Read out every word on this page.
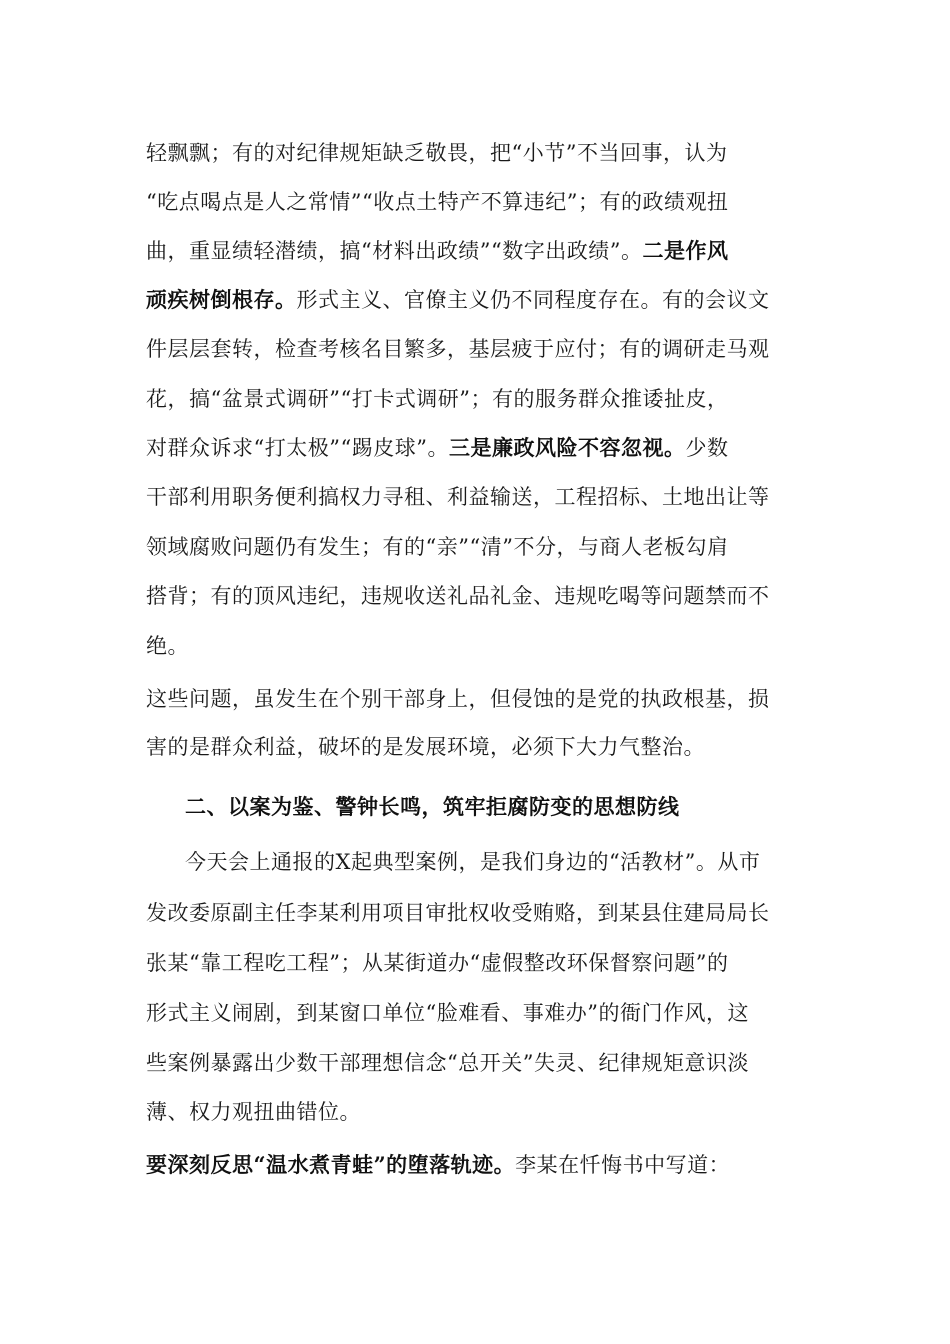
轻飘飘；有的对纪律规矩缺乏敬畏，把“小节”不当回事，认为
“吃点喝点是人之常情”“收点土特产不算违纪”；有的政绩观扭
曲，重显绩轻潜绩，搞“材料出政绩”“数字出政绩”。二是作风
顽疾树倒根存。形式主义、官僚主义仍不同程度存在。有的会议文
件层层套转，检查考核名目繁多，基层疲于应付；有的调研走马观
花，搞“盆景式调研”“打卡式调研”；有的服务群众推诿扯皮，
对群众诉求“打太极”“踢皮球”。三是廉政风险不容忽视。少数
干部利用职务便利搞权力寻租、利益输送，工程招标、土地出让等
领域腐败问题仍有发生；有的“亲”“清”不分，与商人老板勾肩
搭背；有的顶风违纪，违规收送礼品礼金、违规吃喝等问题禁而不
绝。
这些问题，虽发生在个别干部身上，但侵蚀的是党的执政根基，损
害的是群众利益，破坏的是发展环境，必须下大力气整治。
二、以案为鉴、警钟长鸣，筑牢拒腐防变的思想防线
今天会上通报的X起典型案例，是我们身边的“活教材”。从市
发改委原副主任李某利用项目审批权收受贿赂，到某县住建局局长
张某“靠工程吃工程”；从某街道办“虚假整改环保督察问题”的
形式主义闹剧，到某窗口单位“脸难看、事难办”的衙门作风，这
些案例暴露出少数干部理想信念“总开关”失灵、纪律规矩意识淡
薄、权力观扭曲错位。
要深刻反思“温水煮青蛙”的堕落轨迹。李某在忏悔书中写道：
